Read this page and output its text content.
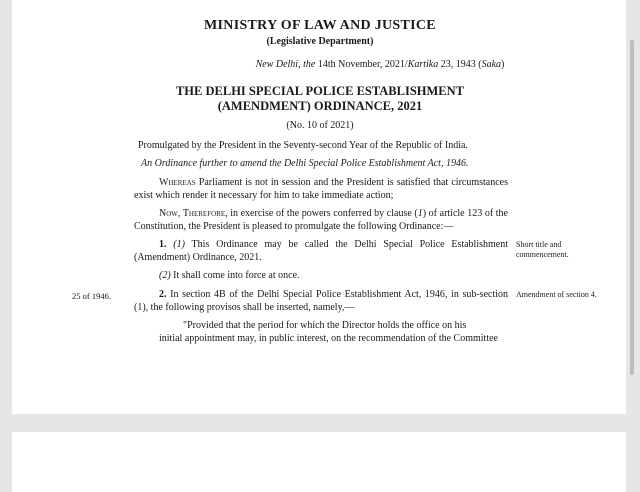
MINISTRY OF LAW AND JUSTICE
(Legislative Department)
New Delhi, the 14th November, 2021/Kartika 23, 1943 (Saka)
THE DELHI SPECIAL POLICE ESTABLISHMENT
(AMENDMENT) ORDINANCE, 2021
(No. 10 of 2021)
Promulgated by the President in the Seventy-second Year of the Republic of India.
An Ordinance further to amend the Delhi Special Police Establishment Act, 1946.
Whereas Parliament is not in session and the President is satisfied that circumstances exist which render it necessary for him to take immediate action;
Now, Therefore, in exercise of the powers conferred by clause (1) of article 123 of the Constitution, the President is pleased to promulgate the following Ordinance:—
1. (1) This Ordinance may be called the Delhi Special Police Establishment (Amendment) Ordinance, 2021.
(2) It shall come into force at once.
2. In section 4B of the Delhi Special Police Establishment Act, 1946, in sub-section (1), the following provisos shall be inserted, namely,—
"Provided that the period for which the Director holds the office on his
initial appointment may, in public interest, on the recommendation of the Committee
Short title and commencement.
Amendment of section 4.
25 of 1946.
